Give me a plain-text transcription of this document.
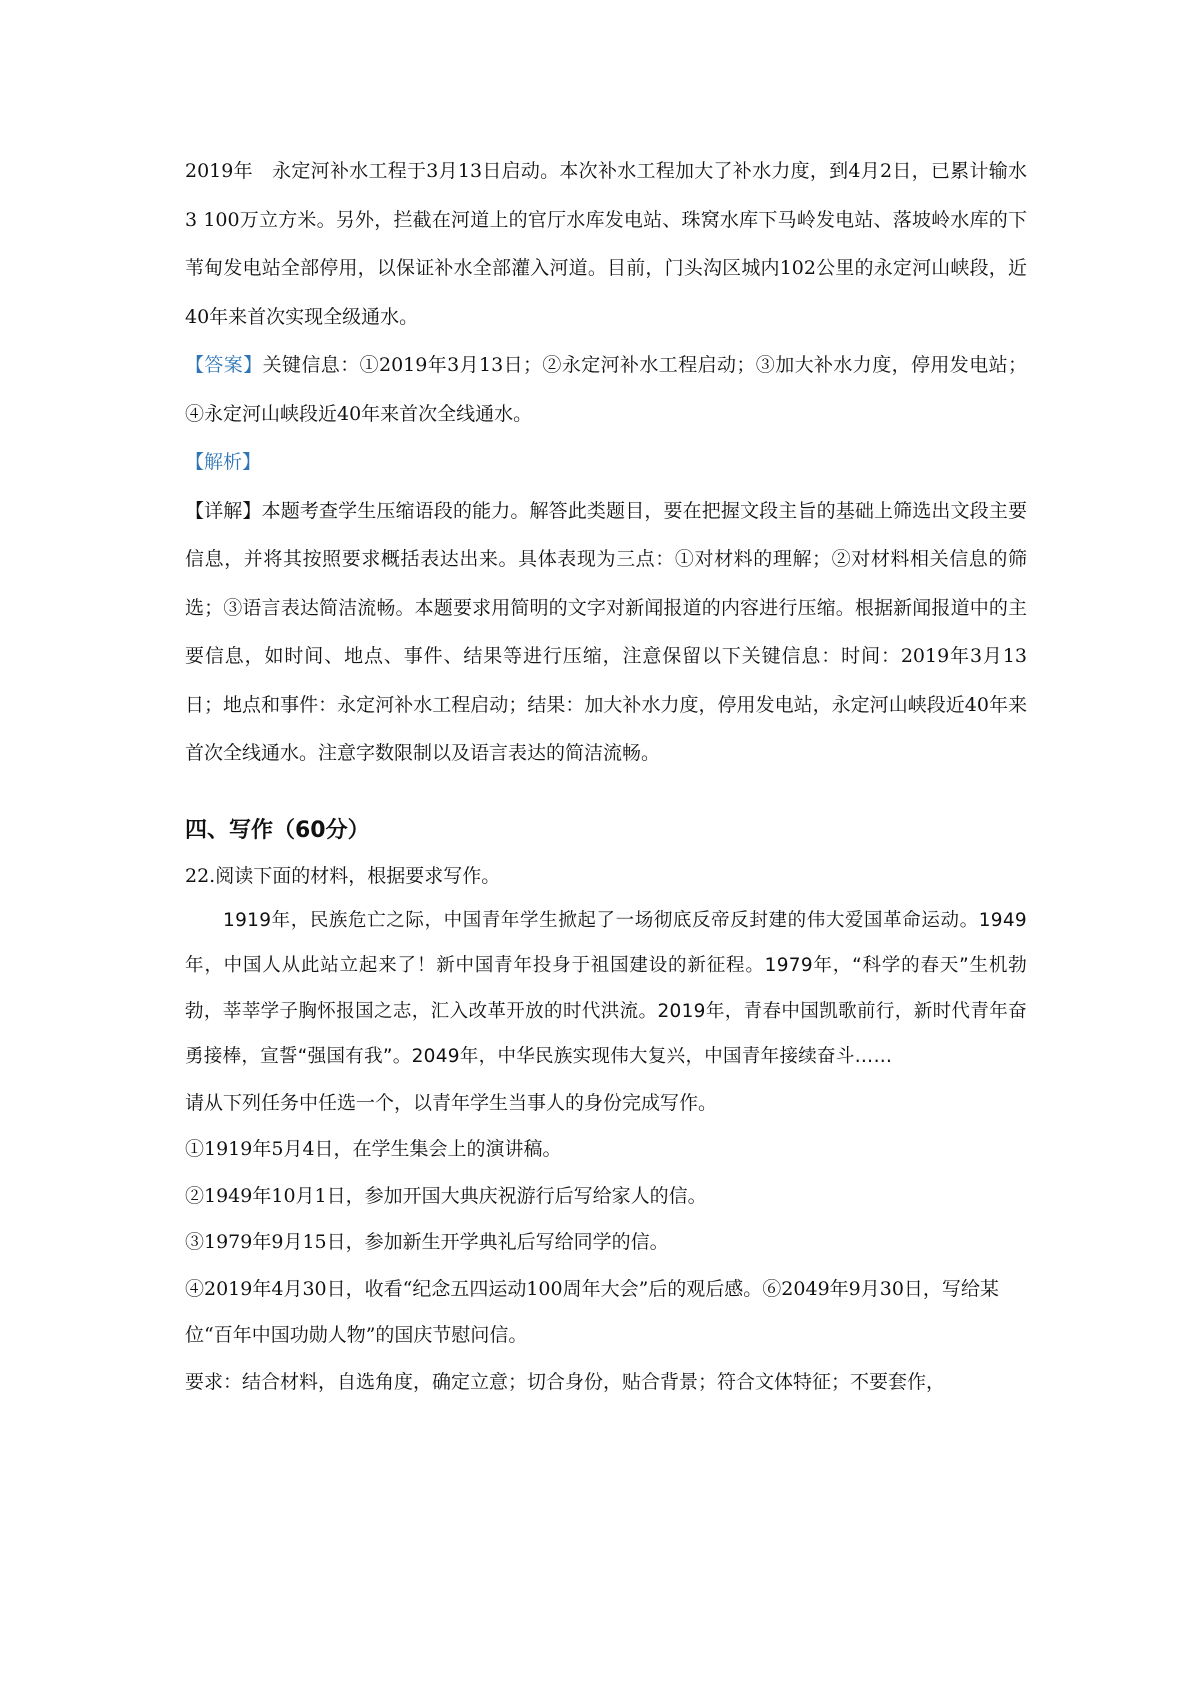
2019年　永定河补水工程于3月13日启动。本次补水工程加大了补水力度，到4月2日，已累计输水3 100万立方米。另外，拦截在河道上的官厅水库发电站、珠窝水库下马岭发电站、落坡岭水库的下苇甸发电站全部停用，以保证补水全部灌入河道。目前，门头沟区城内102公里的永定河山峡段，近40年来首次实现全级通水。

【答案】关键信息：①2019年3月13日；②永定河补水工程启动；③加大补水力度，停用发电站；④永定河山峡段近40年来首次全线通水。

【解析】

【详解】本题考查学生压缩语段的能力。解答此类题目，要在把握文段主旨的基础上筛选出文段主要信息，并将其按照要求概括表达出来。具体表现为三点：①对材料的理解；②对材料相关信息的筛选；③语言表达简洁流畅。本题要求用简明的文字对新闻报道的内容进行压缩。根据新闻报道中的主要信息，如时间、地点、事件、结果等进行压缩，注意保留以下关键信息：时间：2019年3月13日；地点和事件：永定河补水工程启动；结果：加大补水力度，停用发电站，永定河山峡段近40年来首次全线通水。注意字数限制以及语言表达的简洁流畅。

四、写作（60分）

22.阅读下面的材料，根据要求写作。

1919年，民族危亡之际，中国青年学生掀起了一场彻底反帝反封建的伟大爱国革命运动。1949年，中国人从此站立起来了！新中国青年投身于祖国建设的新征程。1979年，“科学的春天”生机勃勃，莘莘学子胸怀报国之志，汇入改革开放的时代洪流。2019年，青春中国凯歌前行，新时代青年奋勇接棒，宣誓“强国有我”。2049年，中华民族实现伟大复兴，中国青年接续奋斗……

请从下列任务中任选一个，以青年学生当事人的身份完成写作。

①1919年5月4日，在学生集会上的演讲稿。

②1949年10月1日，参加开国大典庆祝游行后写给家人的信。

③1979年9月15日，参加新生开学典礼后写给同学的信。

④2019年4月30日，收看“纪念五四运动100周年大会”后的观后感。⑥2049年9月30日，写给某位“百年中国功勋人物”的国庆节慰问信。

要求：结合材料，自选角度，确定立意；切合身份，贴合背景；符合文体特征；不要套作，
